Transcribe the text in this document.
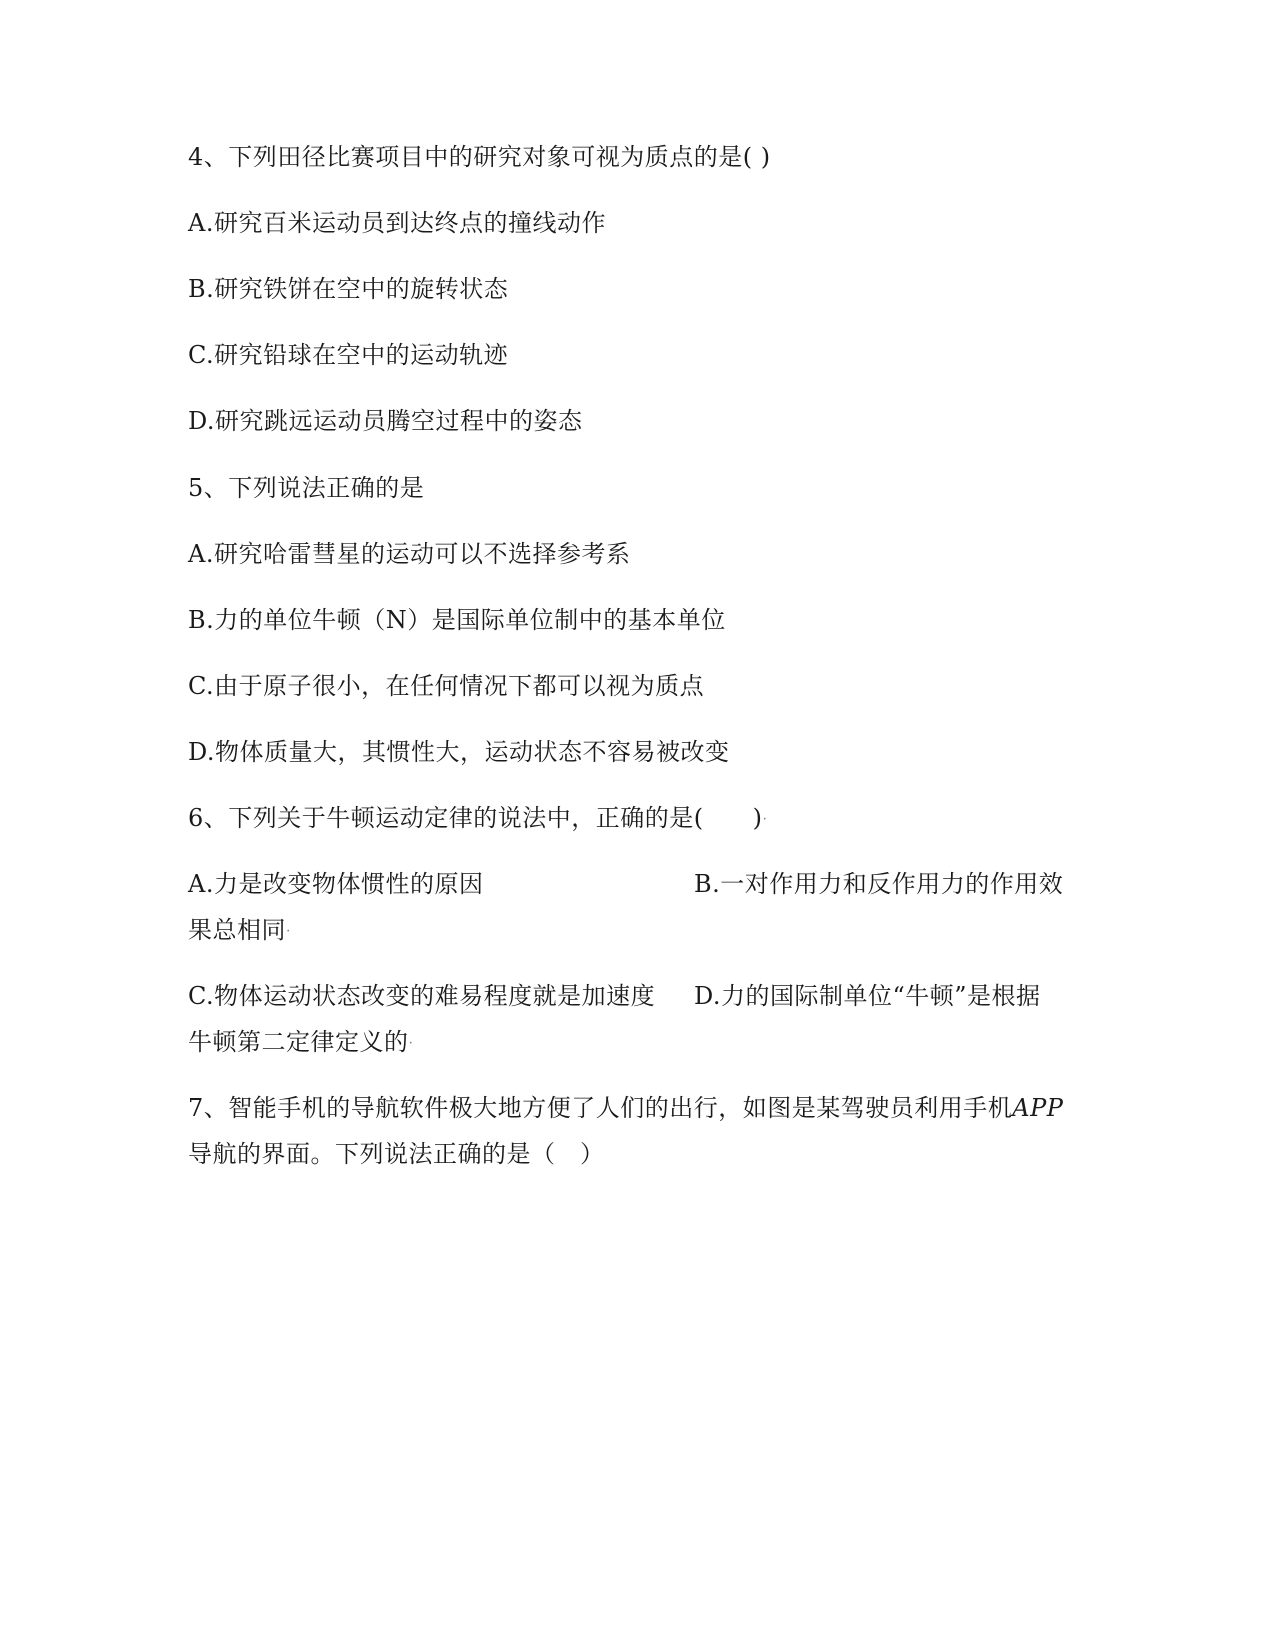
4、下列田径比赛项目中的研究对象可视为质点的是( )
A.研究百米运动员到达终点的撞线动作
B.研究铁饼在空中的旋转状态
C.研究铅球在空中的运动轨迹
D.研究跳远运动员腾空过程中的姿态
5、下列说法正确的是
A.研究哈雷彗星的运动可以不选择参考系
B.力的单位牛顿（N）是国际单位制中的基本单位
C.由于原子很小，在任何情况下都可以视为质点
D.物体质量大，其惯性大，运动状态不容易被改变
6、下列关于牛顿运动定律的说法中，正确的是(　　)·
A.力是改变物体惯性的原因	B.一对作用力和反作用力的作用效
果总相同·
C.物体运动状态改变的难易程度就是加速度 D.力的国际制单位“牛顿”是根据
牛顿第二定律定义的·
7、智能手机的导航软件极大地方便了人们的出行，如图是某驾驶员利用手机APP
导航的界面。下列说法正确的是（　）
